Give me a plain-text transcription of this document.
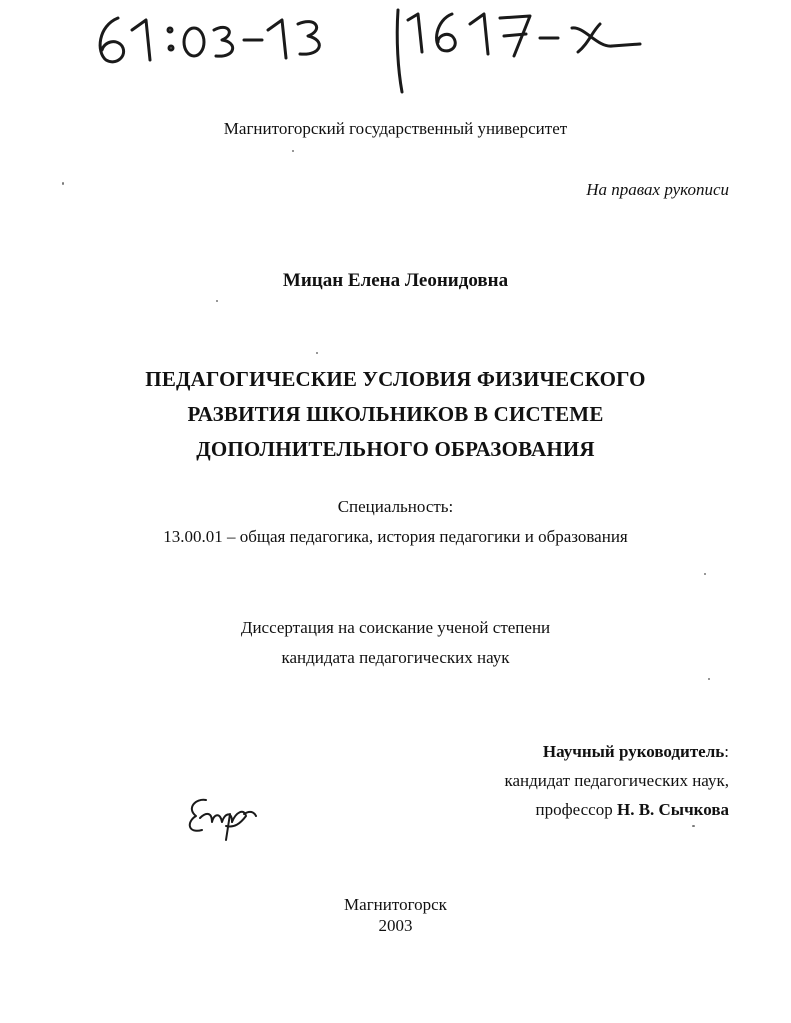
Магнитогорский государственный университет
На правах рукописи
Мицан Елена Леонидовна
ПЕДАГОГИЧЕСКИЕ УСЛОВИЯ ФИЗИЧЕСКОГО
РАЗВИТИЯ ШКОЛЬНИКОВ В СИСТЕМЕ
ДОПОЛНИТЕЛЬНОГО ОБРАЗОВАНИЯ
Специальность:
13.00.01 – общая педагогика, история педагогики и образования
Диссертация на соискание ученой степени
кандидата педагогических наук
Научный руководитель:
кандидат педагогических наук,
профессор Н. В. Сычкова
Магнитогорск
2003
